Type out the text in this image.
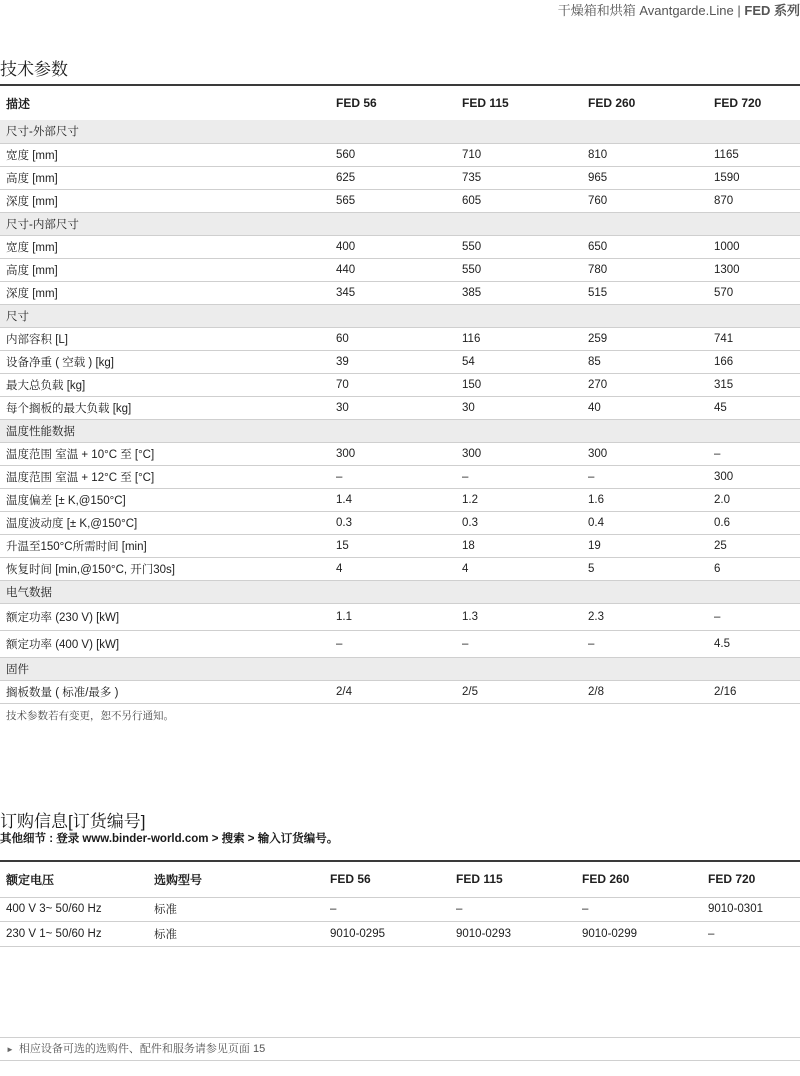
干燥箱和烘箱 Avantgarde.Line | FED 系列
技术参数
描述	FED 56	FED 115	FED 260	FED 720
尺寸-外部尺寸				
宽度 [mm]	560	710	810	1165
高度 [mm]	625	735	965	1590
深度 [mm]	565	605	760	870
尺寸-内部尺寸				
宽度 [mm]	400	550	650	1000
高度 [mm]	440	550	780	1300
深度 [mm]	345	385	515	570
尺寸				
内部容积 [L]	60	116	259	741
设备净重 ( 空载 ) [kg]	39	54	85	166
最大总负载 [kg]	70	150	270	315
每个搁板的最大负载 [kg]	30	30	40	45
温度性能数据				
温度范围 室温 + 10°C 至 [°C]	300	300	300	–
温度范围 室温 + 12°C 至 [°C]	–	–	–	300
温度偏差 [± K,@150°C]	1.4	1.2	1.6	2.0
温度波动度 [± K,@150°C]	0.3	0.3	0.4	0.6
升温至150°C所需时间 [min]	15	18	19	25
恢复时间 [min,@150°C, 开门30s]	4	4	5	6
电气数据				
额定功率 (230 V) [kW]	1.1	1.3	2.3	–
额定功率 (400 V) [kW]	–	–	–	4.5
固件				
搁板数量 ( 标准/最多 )	2/4	2/5	2/8	2/16
技术参数若有变更，恕不另行通知。
订购信息[订货编号]
其他细节 : 登录 www.binder-world.com > 搜索 > 输入订货编号。
额定电压	选购型号	FED 56	FED 115	FED 260	FED 720
400 V 3~ 50/60 Hz	标准	–	–	–	9010-0301
230 V 1~ 50/60 Hz	标准	9010-0295	9010-0293	9010-0299	–
► 相应设备可选的选购件、配件和服务请参见页面 15
